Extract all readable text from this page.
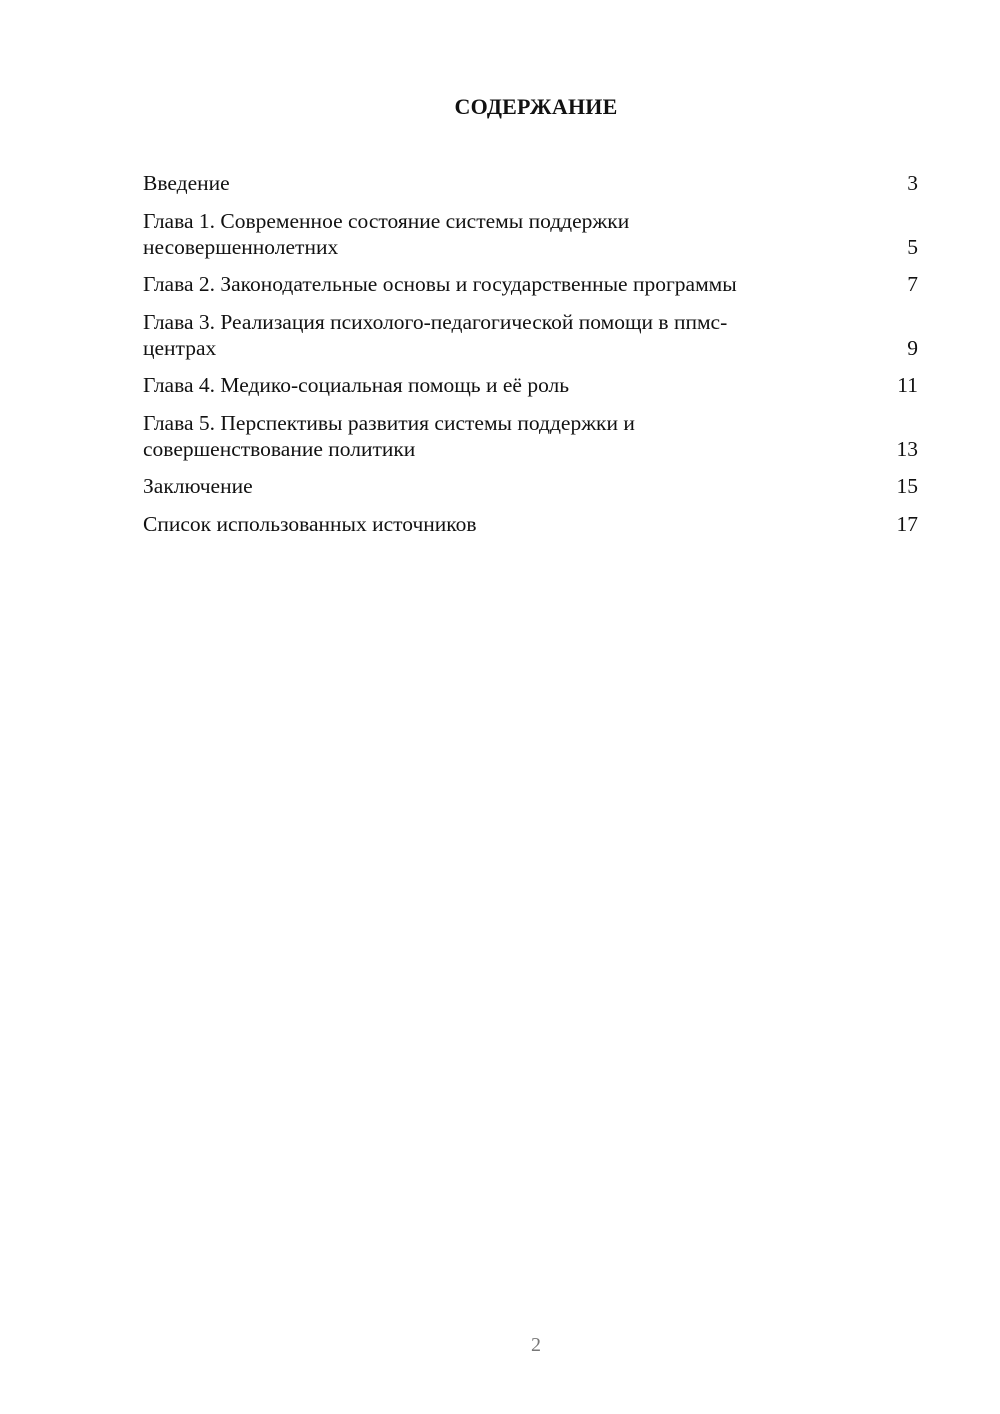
СОДЕРЖАНИЕ
Введение	3
Глава 1. Современное состояние системы поддержки несовершеннолетних	5
Глава 2. Законодательные основы и государственные программы	7
Глава 3. Реализация психолого-педагогической помощи в ппмс-центрах	9
Глава 4. Медико-социальная помощь и её роль	11
Глава 5. Перспективы развития системы поддержки и совершенствование политики	13
Заключение	15
Список использованных источников	17
2
